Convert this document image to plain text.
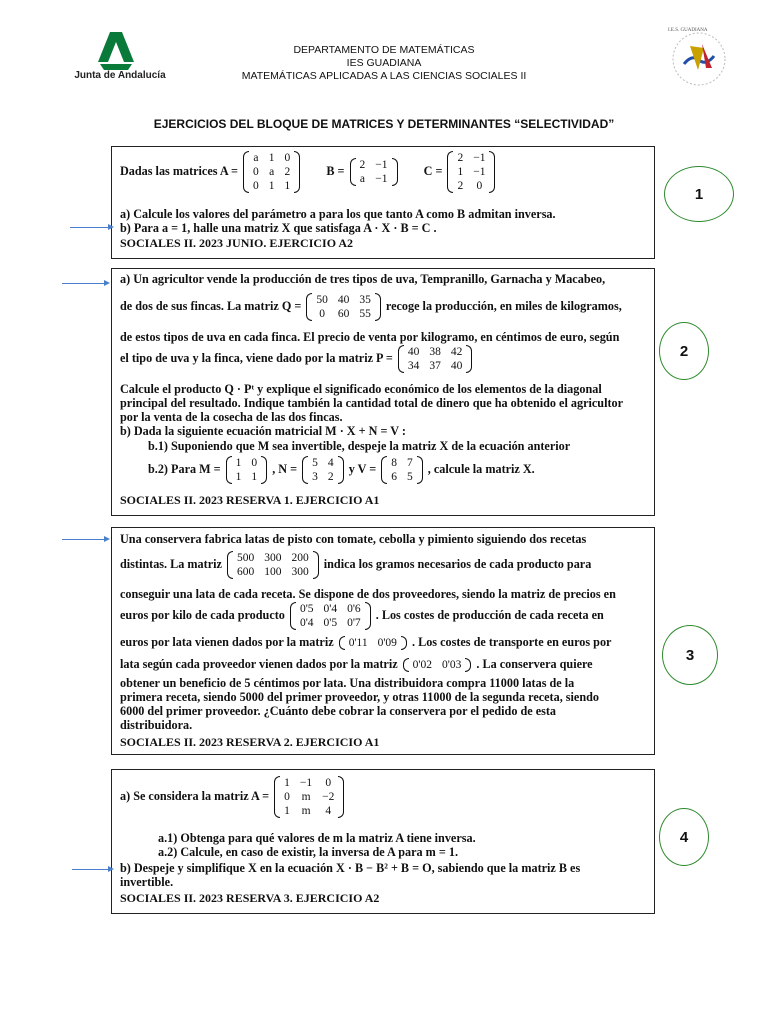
Junta de Andalucía
DEPARTAMENTO DE MATEMÁTICAS
IES GUADIANA
MATEMÁTICAS APLICADAS A LAS CIENCIAS SOCIALES II
I.E.S. GUADIANA
EJERCICIOS DEL BLOQUE DE MATRICES Y DETERMINANTES “SELECTIVIDAD”
Dadas las matrices A =
a	1	0
0	a	2
0	1	1
B = 2	−1
a	−1
C =
2	−1
1	−1
2	0
a) Calcule los valores del parámetro a para los que tanto A como B admitan inversa.
b) Para a = 1, halle una matriz X que satisfaga A · X · B = C .
SOCIALES II. 2023 JUNIO. EJERCICIO A2
1
a) Un agricultor vende la producción de tres tipos de uva, Tempranillo, Garnacha y Macabeo,
de dos de sus fincas. La matriz Q = 50	40	35
0	60	55
recoge la producción, en miles de kilogramos,
de estos tipos de uva en cada finca. El precio de venta por kilogramo, en céntimos de euro, según
el tipo de uva y la finca, viene dado por la matriz P = 40	38	42
34	37	40
Calcule el producto Q · Pᵗ y explique el significado económico de los elementos de la diagonal
principal del resultado. Indique también la cantidad total de dinero que ha obtenido el agricultor
por la venta de la cosecha de las dos fincas.
b) Dada la siguiente ecuación matricial M · X + N = V :
b.1) Suponiendo que M sea invertible, despeje la matriz X de la ecuación anterior
b.2) Para M = 1	0
1	1
, N = 5	4
3	2
y V = 8	7
6	5
, calcule la matriz X.
SOCIALES II. 2023 RESERVA 1. EJERCICIO A1
2
Una conservera fabrica latas de pisto con tomate, cebolla y pimiento siguiendo dos recetas
distintas. La matriz 500	300	200
600	100	300
indica los gramos necesarios de cada producto para
conseguir una lata de cada receta. Se dispone de dos proveedores, siendo la matriz de precios en
euros por kilo de cada producto 0'5	0'4	0'6
0'4	0'5	0'7
. Los costes de producción de cada receta en
euros por lata vienen dados por la matriz 0'11	0'09 . Los costes de transporte en euros por
lata según cada proveedor vienen dados por la matriz 0'02	0'03 . La conservera quiere
obtener un beneficio de 5 céntimos por lata. Una distribuidora compra 11000 latas de la
primera receta, siendo 5000 del primer proveedor, y otras 11000 de la segunda receta, siendo
6000 del primer proveedor. ¿Cuánto debe cobrar la conservera por el pedido de esta
distribuidora.
SOCIALES II. 2023 RESERVA 2. EJERCICIO A1
3
a) Se considera la matriz A =
1	−1	0
0	m	−2
1	m	4
a.1) Obtenga para qué valores de m la matriz A tiene inversa.
a.2) Calcule, en caso de existir, la inversa de A para m = 1.
b) Despeje y simplifique X en la ecuación X · B − B² + B = O, sabiendo que la matriz B es
invertible.
SOCIALES II. 2023 RESERVA 3. EJERCICIO A2
4
